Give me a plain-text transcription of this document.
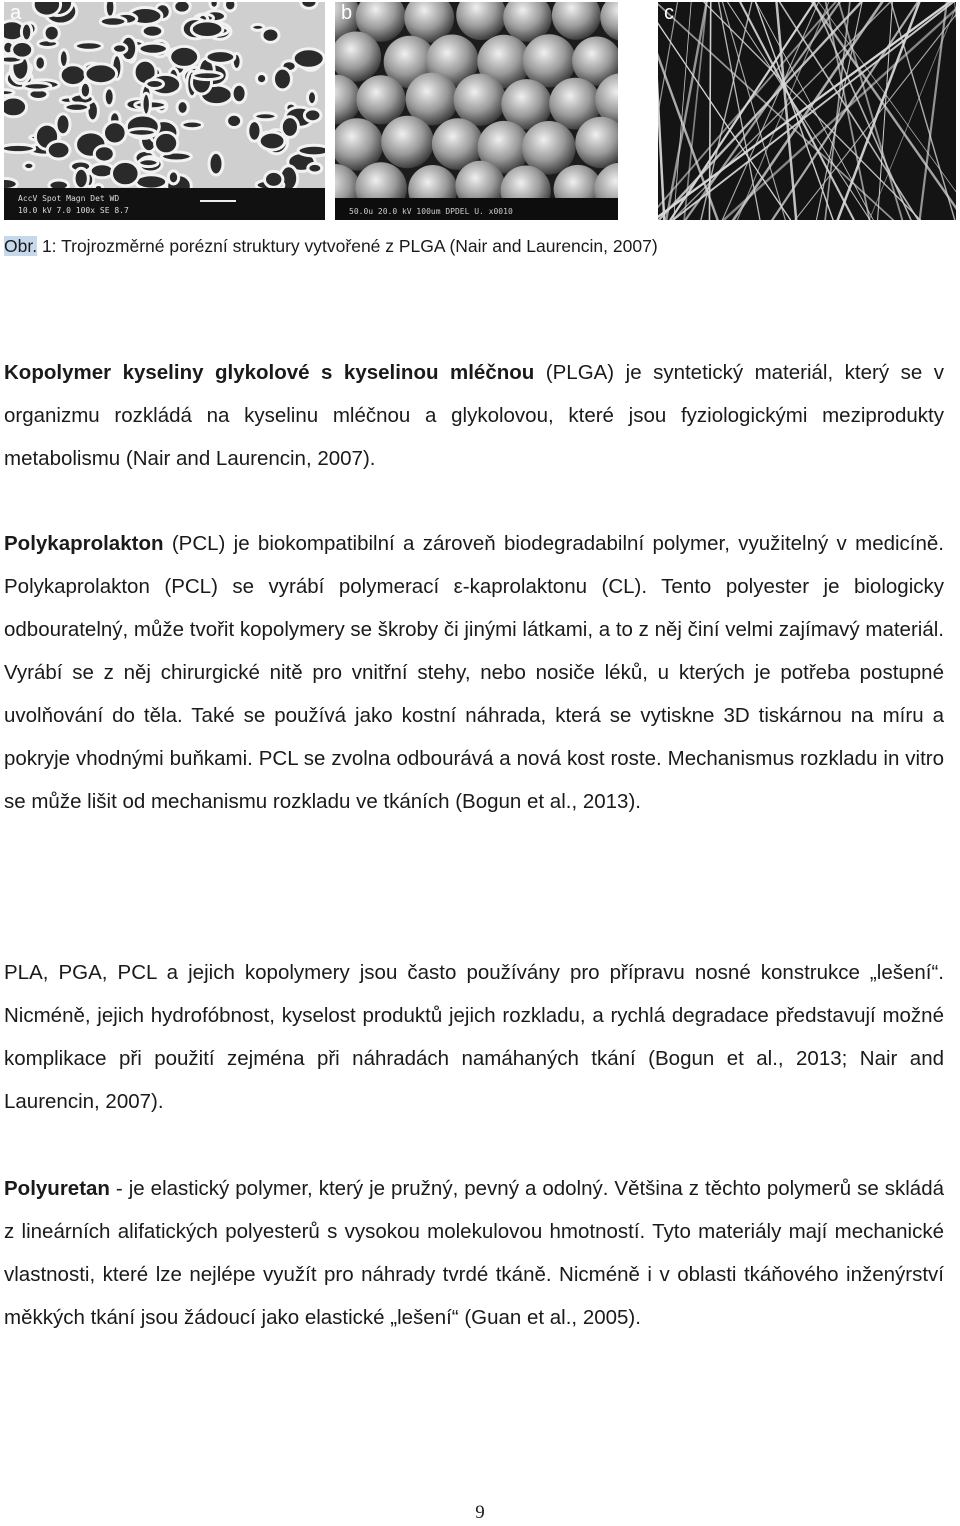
AccV Spot Magn Det WD
10.0 kV 7.0 100x SE 8.7
a
50.0u 20.0 kV 100um DPDEL U. x0010
b	c
Obr. 1: Trojrozměrné porézní struktury vytvořené z PLGA (Nair and Laurencin, 2007)

Kopolymer kyseliny glykolové s kyselinou mléčnou (PLGA) je syntetický materiál, který se v organizmu rozkládá na kyselinu mléčnou a glykolovou, které jsou fyziologickými meziprodukty metabolismu (Nair and Laurencin, 2007).

Polykaprolakton (PCL) je biokompatibilní a zároveň biodegradabilní polymer, využitelný v medicíně. Polykaprolakton (PCL) se vyrábí polymerací ε-kaprolaktonu (CL). Tento polyester je biologicky odbouratelný, může tvořit kopolymery se škroby či jinými látkami, a to z něj činí velmi zajímavý materiál. Vyrábí se z něj chirurgické nitě pro vnitřní stehy, nebo nosiče léků, u kterých je potřeba postupné uvolňování do těla. Také se používá jako kostní náhrada, která se vytiskne 3D tiskárnou na míru a pokryje vhodnými buňkami. PCL se zvolna odbourává a nová kost roste. Mechanismus rozkladu in vitro se může lišit od mechanismu rozkladu ve tkáních (Bogun et al., 2013).

PLA, PGA, PCL a jejich kopolymery jsou často používány pro přípravu nosné konstrukce „lešení“. Nicméně, jejich hydrofóbnost, kyselost produktů jejich rozkladu, a rychlá degradace představují možné komplikace při použití zejména při náhradách namáhaných tkání (Bogun et al., 2013; Nair and Laurencin, 2007).

Polyuretan - je elastický polymer, který je pružný, pevný a odolný. Většina z těchto polymerů se skládá z lineárních alifatických polyesterů s vysokou molekulovou hmotností. Tyto materiály mají mechanické vlastnosti, které lze nejlépe využít pro náhrady tvrdé tkáně. Nicméně i v oblasti tkáňového inženýrství měkkých tkání jsou žádoucí jako elastické „lešení“ (Guan et al., 2005).

9
